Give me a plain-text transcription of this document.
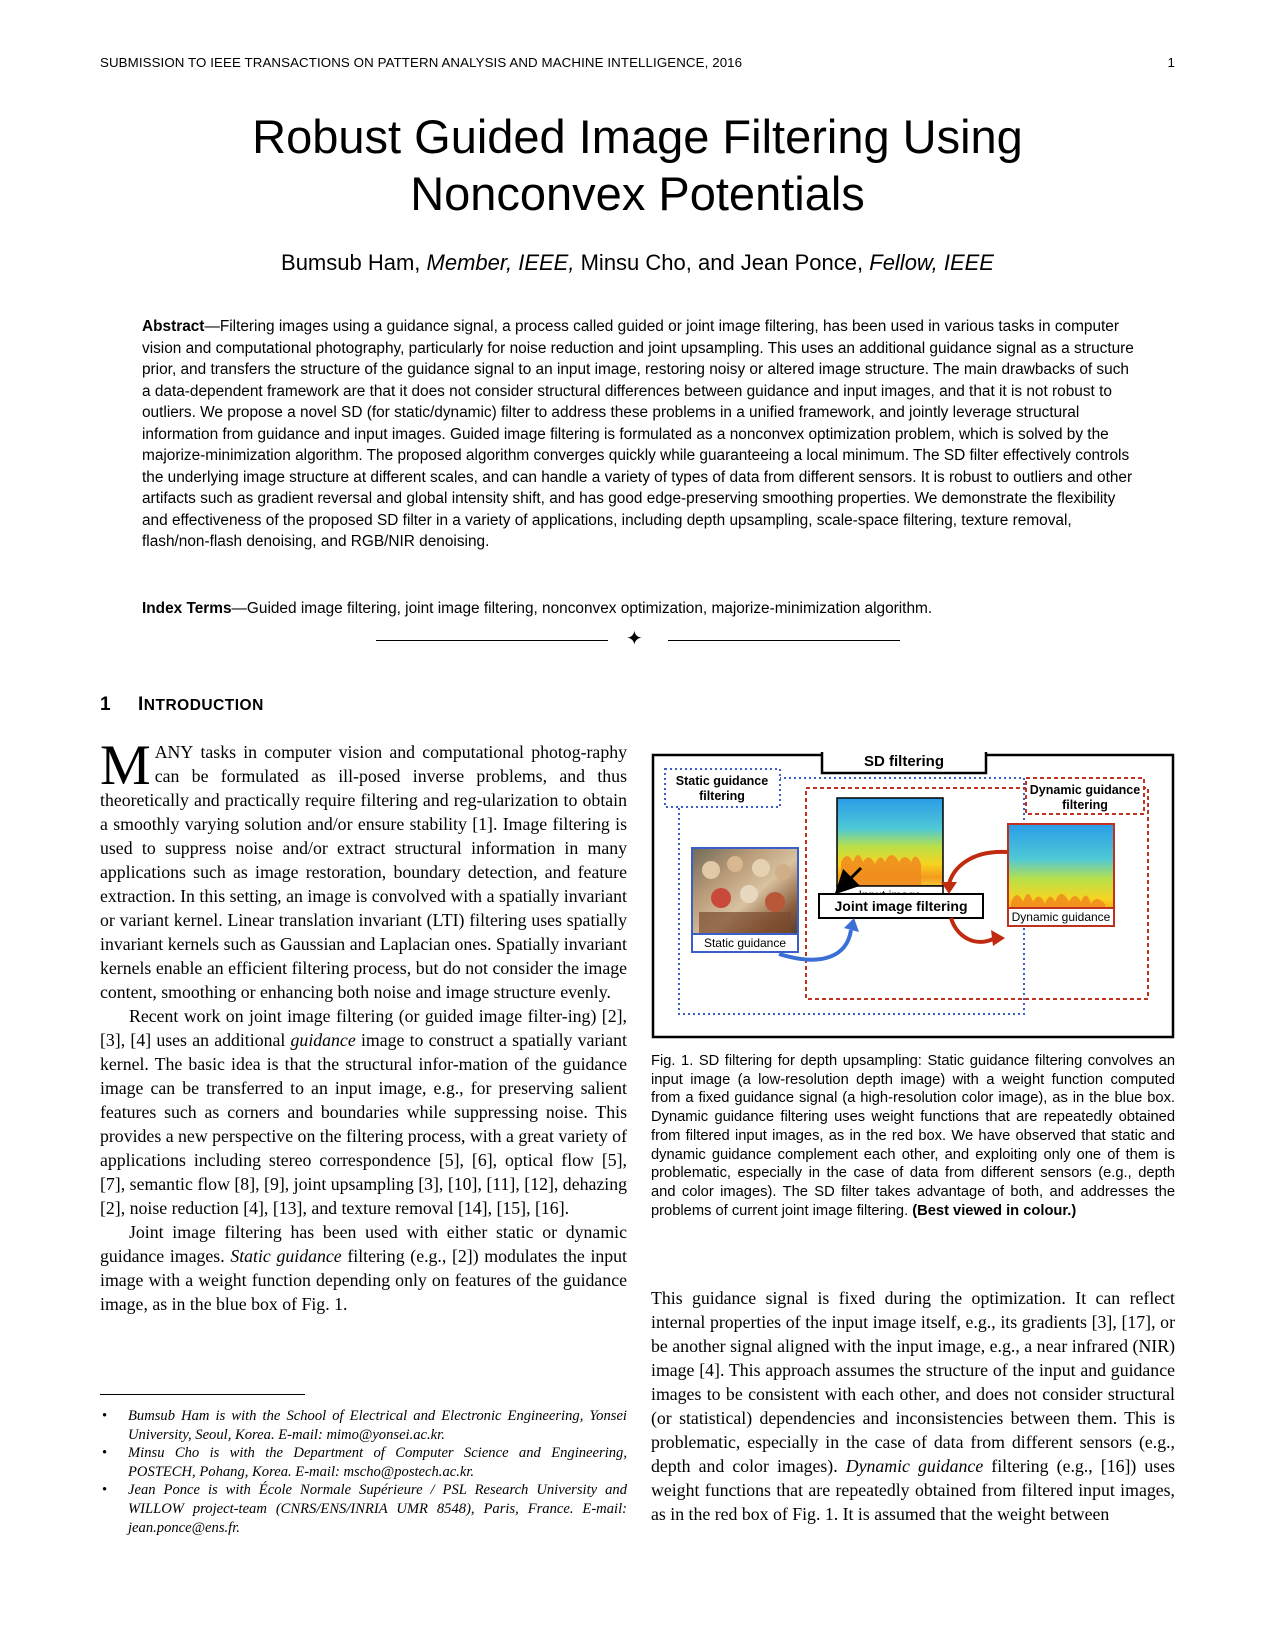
SUBMISSION TO IEEE TRANSACTIONS ON PATTERN ANALYSIS AND MACHINE INTELLIGENCE, 2016	1
Robust Guided Image Filtering Using
Nonconvex Potentials
Bumsub Ham, Member, IEEE, Minsu Cho, and Jean Ponce, Fellow, IEEE
Abstract—Filtering images using a guidance signal, a process called guided or joint image filtering, has been used in various tasks in computer vision and computational photography, particularly for noise reduction and joint upsampling. This uses an additional guidance signal as a structure prior, and transfers the structure of the guidance signal to an input image, restoring noisy or altered image structure. The main drawbacks of such a data-dependent framework are that it does not consider structural differences between guidance and input images, and that it is not robust to outliers. We propose a novel SD (for static/dynamic) filter to address these problems in a unified framework, and jointly leverage structural information from guidance and input images. Guided image filtering is formulated as a nonconvex optimization problem, which is solved by the majorize-minimization algorithm. The proposed algorithm converges quickly while guaranteeing a local minimum. The SD filter effectively controls the underlying image structure at different scales, and can handle a variety of types of data from different sensors. It is robust to outliers and other artifacts such as gradient reversal and global intensity shift, and has good edge-preserving smoothing properties. We demonstrate the flexibility and effectiveness of the proposed SD filter in a variety of applications, including depth upsampling, scale-space filtering, texture removal, flash/non-flash denoising, and RGB/NIR denoising.
Index Terms—Guided image filtering, joint image filtering, nonconvex optimization, majorize-minimization algorithm.
✦
1 INTRODUCTION

MANY tasks in computer vision and computational photog-raphy can be formulated as ill-posed inverse problems, and thus theoretically and practically require filtering and reg-ularization to obtain a smoothly varying solution and/or ensure stability [1]. Image filtering is used to suppress noise and/or extract structural information in many applications such as image restoration, boundary detection, and feature extraction. In this setting, an image is convolved with a spatially invariant or variant kernel. Linear translation invariant (LTI) filtering uses spatially invariant kernels such as Gaussian and Laplacian ones. Spatially invariant kernels enable an efficient filtering process, but do not consider the image content, smoothing or enhancing both noise and image structure evenly.

Recent work on joint image filtering (or guided image filter-ing) [2], [3], [4] uses an additional guidance image to construct a spatially variant kernel. The basic idea is that the structural infor-mation of the guidance image can be transferred to an input image, e.g., for preserving salient features such as corners and boundaries while suppressing noise. This provides a new perspective on the filtering process, with a great variety of applications including stereo correspondence [5], [6], optical flow [5], [7], semantic flow [8], [9], joint upsampling [3], [10], [11], [12], dehazing [2], noise reduction [4], [13], and texture removal [14], [15], [16].

Joint image filtering has been used with either static or dynamic guidance images. Static guidance filtering (e.g., [2]) modulates the input image with a weight function depending only on features of the guidance image, as in the blue box of Fig. 1.

• Bumsub Ham is with the School of Electrical and Electronic Engineering, Yonsei University, Seoul, Korea. E-mail: mimo@yonsei.ac.kr.
• Minsu Cho is with the Department of Computer Science and Engineering, POSTECH, Pohang, Korea. E-mail: mscho@postech.ac.kr.
• Jean Ponce is with École Normale Supérieure / PSL Research University and WILLOW project-team (CNRS/ENS/INRIA UMR 8548), Paris, France. E-mail: jean.ponce@ens.fr.
SD filtering
Static guidance
filtering	Dynamic guidance
filtering
Dynamic guidance
Static guidance
Joint image filtering
Fig. 1. SD filtering for depth upsampling: Static guidance filtering convolves an input image (a low-resolution depth image) with a weight function computed from a fixed guidance signal (a high-resolution color image), as in the blue box. Dynamic guidance filtering uses weight functions that are repeatedly obtained from filtered input images, as in the red box. We have observed that static and dynamic guidance complement each other, and exploiting only one of them is problematic, especially in the case of data from different sensors (e.g., depth and color images). The SD filter takes advantage of both, and addresses the problems of current joint image filtering. (Best viewed in colour.)

This guidance signal is fixed during the optimization. It can reflect internal properties of the input image itself, e.g., its gradients [3], [17], or be another signal aligned with the input image, e.g., a near infrared (NIR) image [4]. This approach assumes the structure of the input and guidance images to be consistent with each other, and does not consider structural (or statistical) dependencies and inconsistencies between them. This is problematic, especially in the case of data from different sensors (e.g., depth and color images). Dynamic guidance filtering (e.g., [16]) uses weight functions that are repeatedly obtained from filtered input images, as in the red box of Fig. 1. It is assumed that the weight between
